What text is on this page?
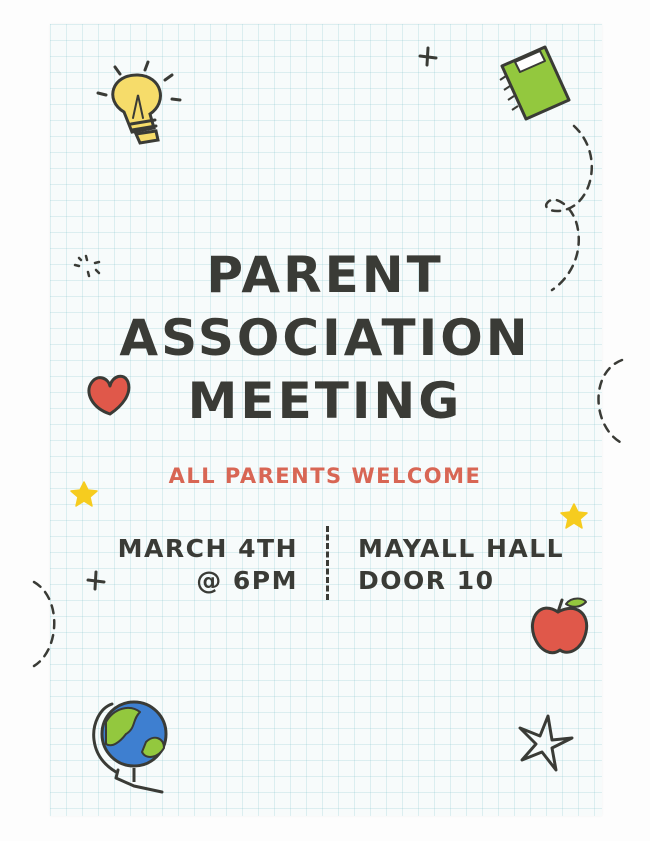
PARENT
ASSOCIATION
MEETING
ALL PARENTS WELCOME
MARCH 4TH
@ 6PM
MAYALL HALL
DOOR 10
